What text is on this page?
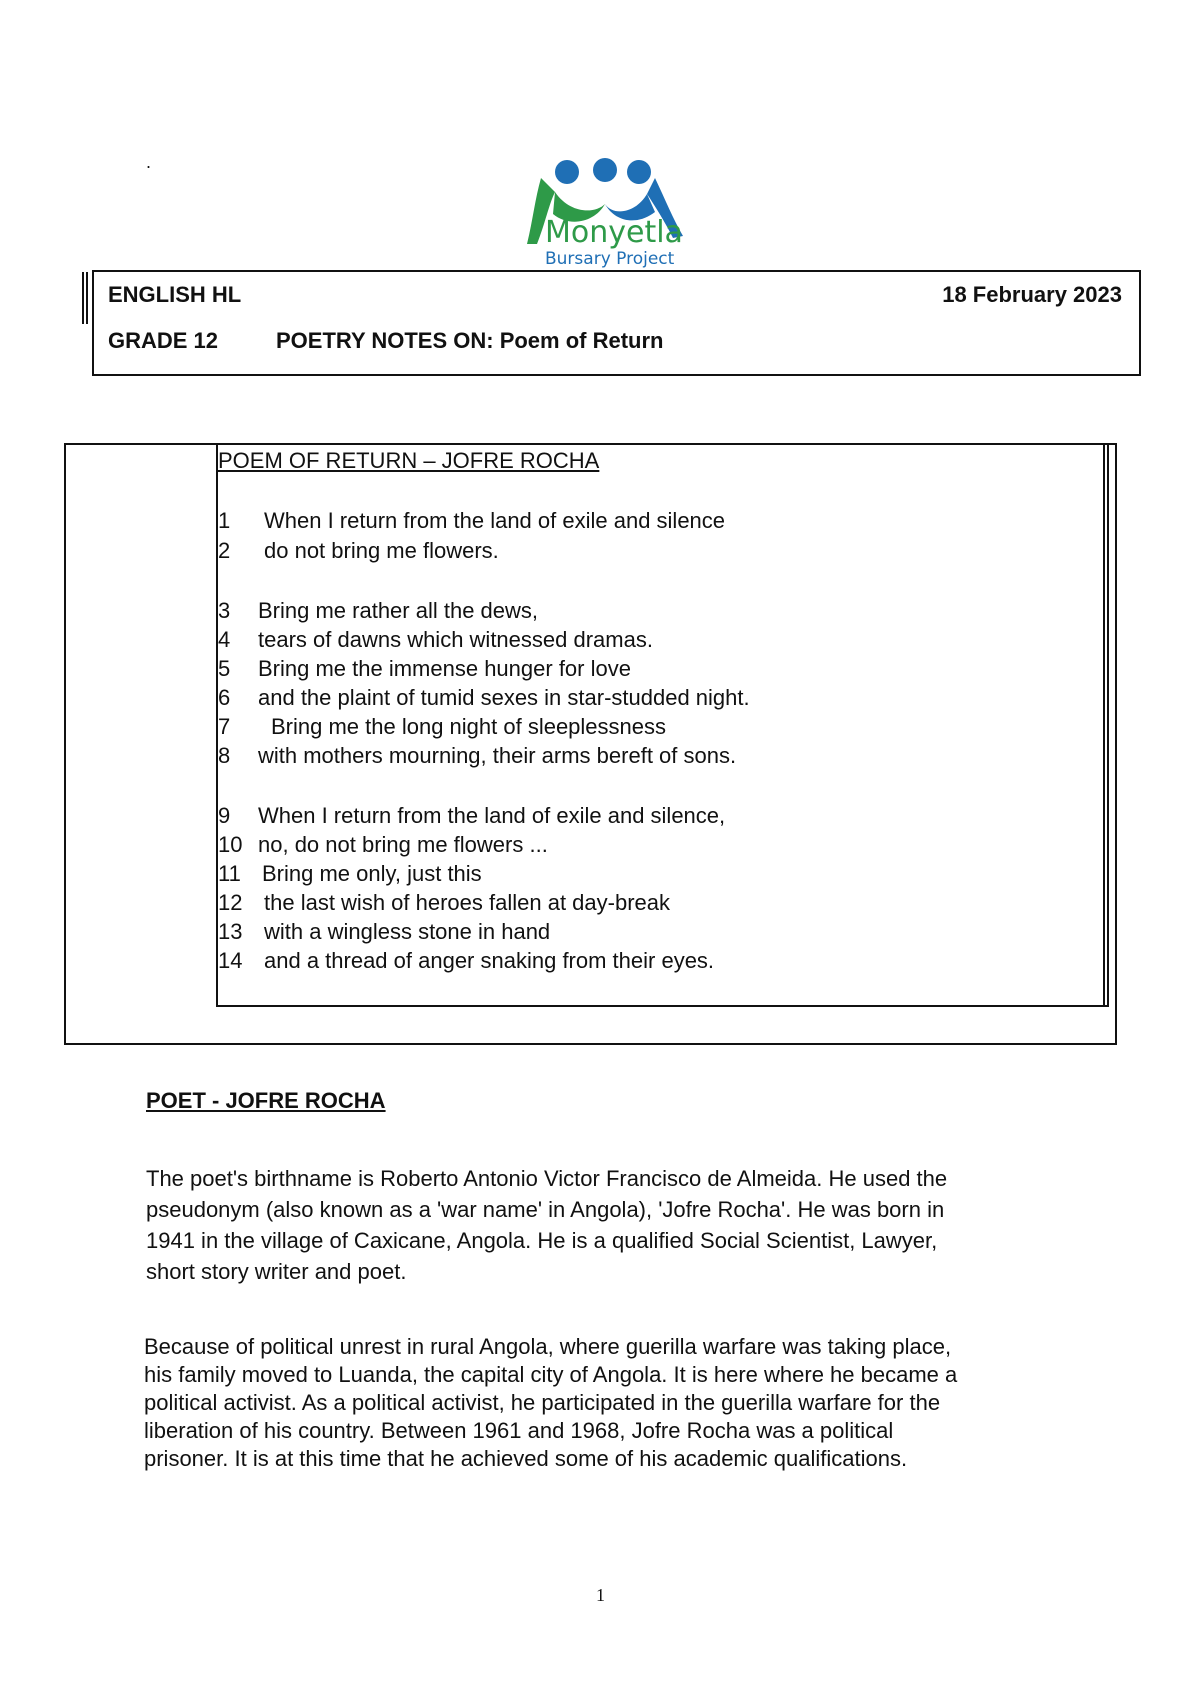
.
Monyetla
Bursary Project
ENGLISH HL	18 February 2023
GRADE 12	POETRY NOTES ON: Poem of Return
POEM OF RETURN – JOFRE ROCHA
1 When I return from the land of exile and silence
2 do not bring me flowers.
3 Bring me rather all the dews,
4 tears of dawns which witnessed dramas.
5 Bring me the immense hunger for love
6 and the plaint of tumid sexes in star-studded night.
7 Bring me the long night of sleeplessness
8 with mothers mourning, their arms bereft of sons.
9 When I return from the land of exile and silence,
10 no, do not bring me flowers ...
11 Bring me only, just this
12 the last wish of heroes fallen at day-break
13 with a wingless stone in hand
14 and a thread of anger snaking from their eyes.
POET - JOFRE ROCHA
The poet's birthname is Roberto Antonio Victor Francisco de Almeida. He used the
pseudonym (also known as a 'war name' in Angola), 'Jofre Rocha'. He was born in
1941 in the village of Caxicane, Angola. He is a qualified Social Scientist, Lawyer,
short story writer and poet.
Because of political unrest in rural Angola, where guerilla warfare was taking place,
his family moved to Luanda, the capital city of Angola. It is here where he became a
political activist. As a political activist, he participated in the guerilla warfare for the
liberation of his country. Between 1961 and 1968, Jofre Rocha was a political
prisoner. It is at this time that he achieved some of his academic qualifications.
1
